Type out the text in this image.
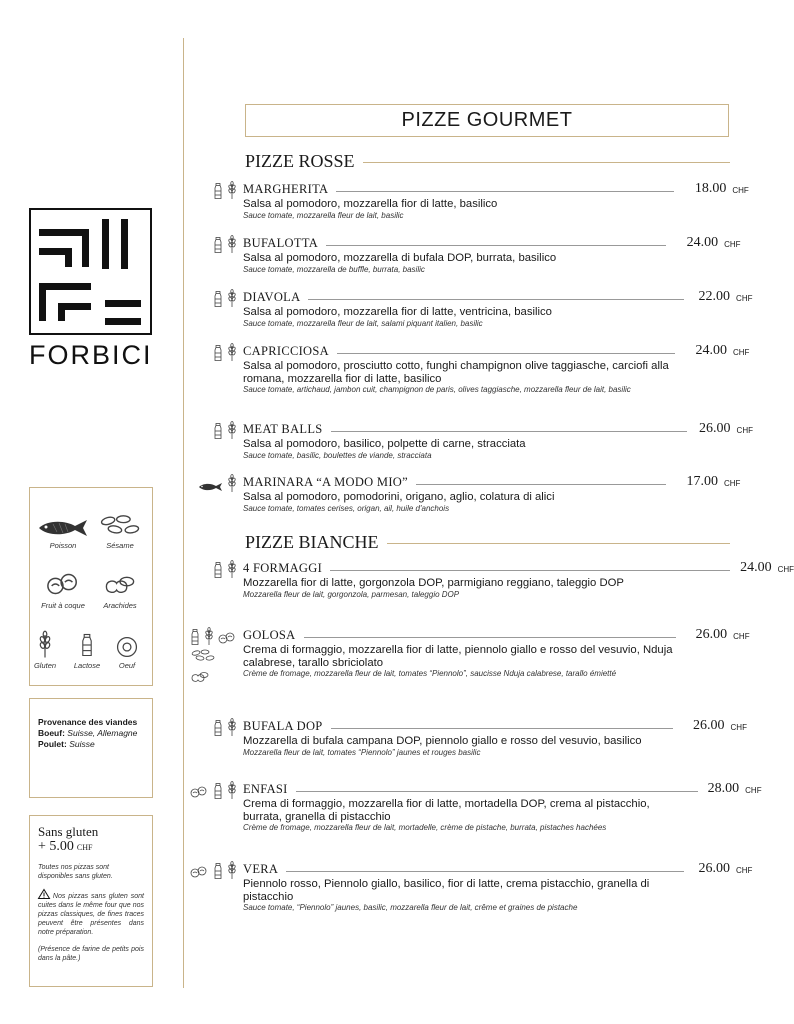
FORBICI
Poisson	Sésame
Fruit à coque	Arachides
Gluten	Lactose	Oeuf
Provenance des viandes
Boeuf: Suisse, Allemagne
Poulet: Suisse
Sans gluten
+ 5.00 CHF
Toutes nos pizzas sont disponibles sans gluten.
Nos pizzas sans gluten sont cuites dans le même four que nos pizzas classiques, de fines traces peuvent être présentes dans notre préparation.
(Présence de farine de petits pois dans la pâte.)
PIZZE GOURMET
PIZZE ROSSE
PIZZE BIANCHE
MARGHERITA	18.00 CHF
Salsa al pomodoro, mozzarella fior di latte, basilico
Sauce tomate, mozzarella fleur de lait, basilic
BUFALOTTA	24.00 CHF
Salsa al pomodoro, mozzarella di bufala DOP, burrata, basilico
Sauce tomate, mozzarella de buffle, burrata, basilic
DIAVOLA	22.00 CHF
Salsa al pomodoro, mozzarella fior di latte, ventricina, basilico
Sauce tomate, mozzarella fleur de lait, salami piquant italien, basilic
CAPRICCIOSA	24.00 CHF
Salsa al pomodoro, prosciutto cotto, funghi champignon olive taggiasche, carciofi alla romana, mozzarella fior di latte, basilico
Sauce tomate, artichaud, jambon cuit, champignon de paris, olives taggiasche, mozzarella fleur de lait, basilic
MEAT BALLS	26.00 CHF
Salsa al pomodoro, basilico, polpette di carne, stracciata
Sauce tomate, basilic, boulettes de viande, stracciata
MARINARA “A MODO MIO”	17.00 CHF
Salsa al pomodoro, pomodorini, origano, aglio, colatura di alici
Sauce tomate, tomates cerises, origan, ail, huile d'anchois
4 FORMAGGI	24.00 CHF
Mozzarella fior di latte, gorgonzola DOP, parmigiano reggiano, taleggio DOP
Mozzarella fleur de lait, gorgonzola, parmesan, taleggio DOP
GOLOSA	26.00 CHF
Crema di formaggio, mozzarella fior di latte, piennolo giallo e rosso del vesuvio, Nduja calabrese, tarallo sbriciolato
Crème de fromage, mozzarella fleur de lait, tomates “Piennolo”, saucisse Nduja calabrese, tarallo émietté
BUFALA DOP	26.00 CHF
Mozzarella di bufala campana DOP, piennolo giallo e rosso del vesuvio, basilico
Mozzarella fleur de lait, tomates “Piennolo” jaunes et rouges basilic
ENFASI	28.00 CHF
Crema di formaggio, mozzarella fior di latte, mortadella DOP, crema al pistacchio, burrata, granella di pistacchio
Crème de fromage, mozzarella fleur de lait, mortadelle, crème de pistache, burrata, pistaches hachées
VERA	26.00 CHF
Piennolo rosso, Piennolo giallo, basilico, fior di latte, crema pistacchio, granella di pistacchio
Sauce tomate, “Piennolo” jaunes, basilic, mozzarella fleur de lait, crême et graines de pistache
